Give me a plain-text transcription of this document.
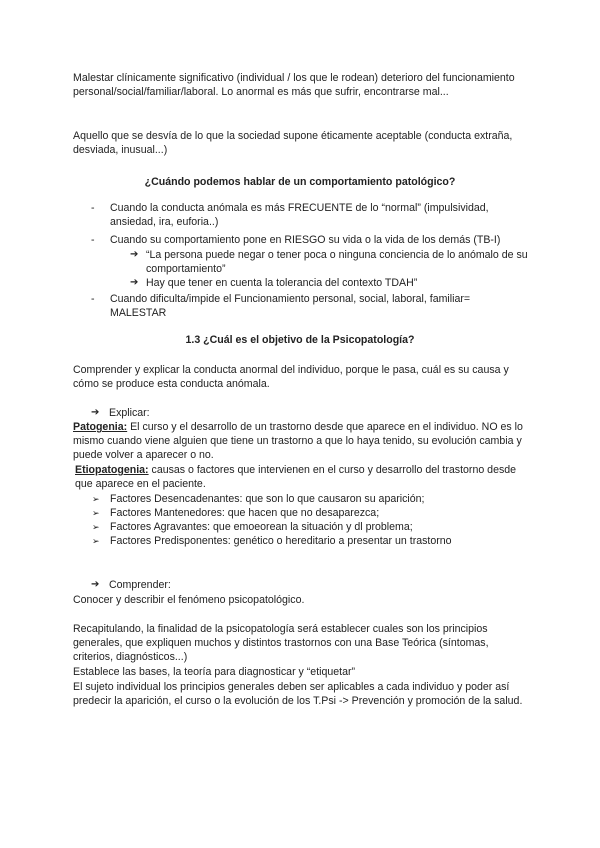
Malestar clínicamente significativo (individual / los que le rodean) deterioro del funcionamiento personal/social/familiar/laboral. Lo anormal es más que sufrir, encontrarse mal...

Aquello que se desvía de lo que la sociedad supone éticamente aceptable (conducta extraña, desviada, inusual...)

¿Cuándo podemos hablar de un comportamiento patológico?

- Cuando la conducta anómala es más FRECUENTE de lo “normal” (impulsividad, ansiedad, ira, euforia..)

- Cuando su comportamiento pone en RIESGO su vida o la vida de los demás (TB-I)

➔ “La persona puede negar o tener poca o ninguna conciencia de lo anómalo de su comportamiento”

➔ Hay que tener en cuenta la tolerancia del contexto TDAH”

- Cuando dificulta/impide el Funcionamiento personal, social, laboral, familiar= MALESTAR

1.3 ¿Cuál es el objetivo de la Psicopatología?

Comprender y explicar la conducta anormal del individuo, porque le pasa, cuál es su causa y cómo se produce esta conducta anómala.

➔ Explicar:

Patogenia: El curso y el desarrollo de un trastorno desde que aparece en el individuo. NO es lo mismo cuando viene alguien que tiene un trastorno a que lo haya tenido, su evolución cambia y puede volver a aparecer o no.

Etiopatogenia: causas o factores que intervienen en el curso y desarrollo del trastorno desde que aparece en el paciente.

➢ Factores Desencadenantes: que son lo que causaron su aparición;

➢ Factores Mantenedores: que hacen que no desaparezca;

➢ Factores Agravantes: que emoeorean la situación y dl problema;

➢ Factores Predisponentes: genético o hereditario a presentar un trastorno

➔ Comprender:

Conocer y describir el fenómeno psicopatológico.

Recapitulando, la finalidad de la psicopatología será establecer cuales son los principios generales, que expliquen muchos y distintos trastornos con una Base Teórica (síntomas, criterios, diagnósticos...)

Establece las bases, la teoría para diagnosticar y “etiquetar”

El sujeto individual los principios generales deben ser aplicables a cada individuo y poder así predecir la aparición, el curso o la evolución de los T.Psi -> Prevención y promoción de la salud.
